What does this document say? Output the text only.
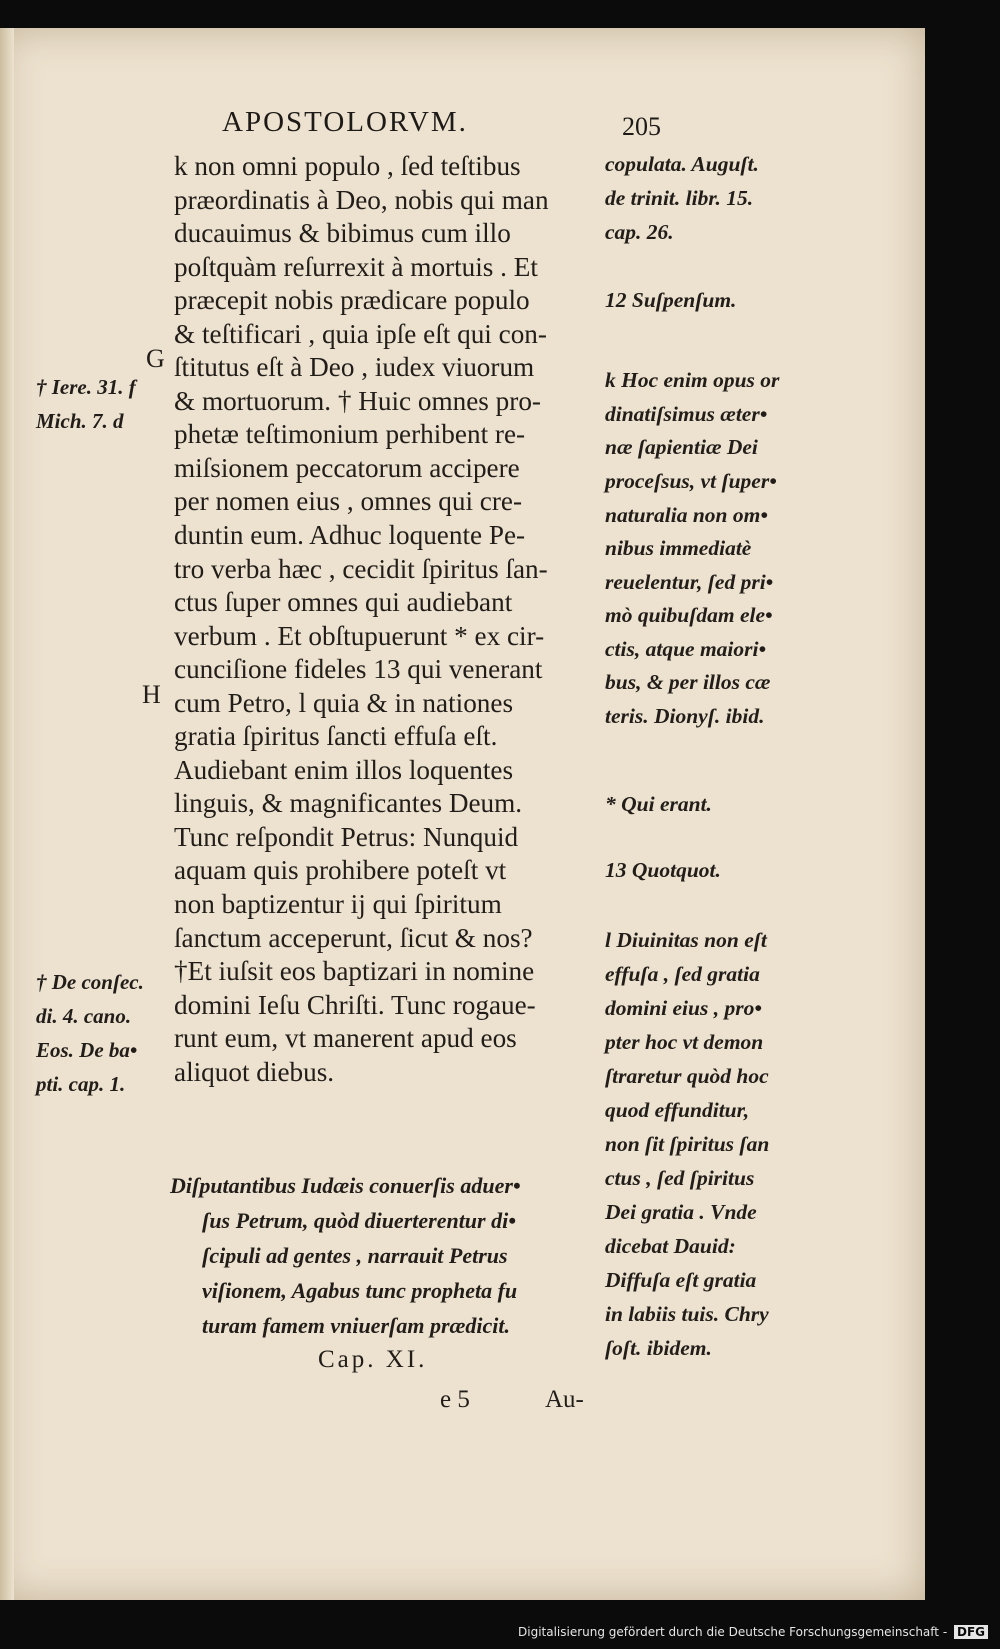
APOSTOLORVM.	205
k non omni populo , ſed teſtibus
præordinatis à Deo, nobis qui man
ducauimus & bibimus cum illo
poſtquàm reſurrexit à mortuis . Et
præcepit nobis prædicare populo
& teſtificari , quia ipſe eſt qui con-
ſtitutus eſt à Deo , iudex viuorum
& mortuorum. † Huic omnes pro-
phetæ teſtimonium perhibent re-
miſsionem peccatorum accipere
per nomen eius , omnes qui cre-
duntin eum. Adhuc loquente Pe-
tro verba hæc , cecidit ſpiritus ſan-
ctus ſuper omnes qui audiebant
verbum . Et obſtupuerunt * ex cir-
cunciſione fideles 13 qui venerant
cum Petro, l quia & in nationes
gratia ſpiritus ſancti effuſa eſt.
Audiebant enim illos loquentes
linguis, & magnificantes Deum.
Tunc reſpondit Petrus: Nunquid
aquam quis prohibere poteſt vt
non baptizentur ij qui ſpiritum
ſanctum acceperunt, ſicut & nos?
†Et iuſsit eos baptizari in nomine
domini Ieſu Chriſti. Tunc rogaue-
runt eum, vt manerent apud eos
aliquot diebus.
copulata. Auguſt.
de trinit. libr. 15.
cap. 26.
12 Suſpenſum.
k Hoc enim opus or
dinatiſsimus æter•
næ ſapientiæ Dei
proceſsus, vt ſuper•
naturalia non om•
nibus immediatè
reuelentur, ſed pri•
mò quibuſdam ele•
ctis, atque maiori•
bus, & per illos cæ
teris. Dionyſ. ibid.
* Qui erant.
13 Quotquot.
l Diuinitas non eſt
effuſa , ſed gratia
domini eius , pro•
pter hoc vt demon
ſtraretur quòd hoc
quod effunditur,
non ſit ſpiritus ſan
ctus , ſed ſpiritus
Dei gratia . Vnde
dicebat Dauid:
Diffuſa eſt gratia
in labiis tuis. Chry
ſoſt. ibidem.
† Iere. 31. f
Mich. 7. d
† De conſec.
di. 4. cano.
Eos. De ba•
pti. cap. 1.
G
H
Diſputantibus Iudæis conuerſis aduer•
ſus Petrum, quòd diuerterentur di•
ſcipuli ad gentes , narrauit Petrus
viſionem, Agabus tunc propheta fu
turam famem vniuerſam prædicit.
Cap. XI.
e 5	Au-
Digitalisierung gefördert durch die Deutsche Forschungsgemeinschaft - DFG
